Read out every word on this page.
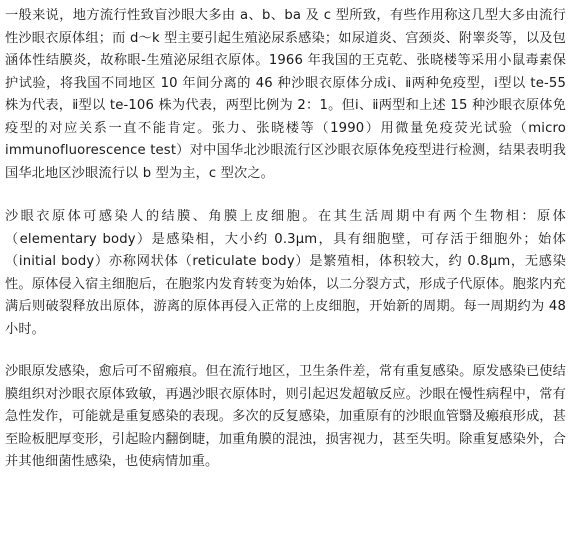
一般来说，地方流行性致盲沙眼大多由 a、b、ba 及 c 型所致，有些作用称这几型大多由流行性沙眼衣原体组；而 d～k 型主要引起生殖泌尿系感染；如尿道炎、宫颈炎、附睾炎等，以及包涵体性结膜炎，故称眼-生殖泌尿组衣原体。1966 年我国的王克乾、张晓楼等采用小鼠毒素保护试验，将我国不同地区 10 年间分离的 46 种沙眼衣原体分成ⅰ、ⅱ两种免疫型，ⅰ型以 te-55 株为代表，ⅱ型以 te-106 株为代表，两型比例为 2：1。但ⅰ、ⅱ两型和上述 15 种沙眼衣原体免疫型的对应关系一直不能肯定。张力、张晓楼等（1990）用微量免疫荧光试验（micro immunofluorescence test）对中国华北沙眼流行区沙眼衣原体免疫型进行检测，结果表明我国华北地区沙眼流行以 b 型为主，c 型次之。

沙眼衣原体可感染人的结膜、角膜上皮细胞。在其生活周期中有两个生物相：原体（elementary body）是感染相，大小约 0.3μm，具有细胞壁，可存活于细胞外；始体（initial body）亦称网状体（reticulate body）是繁殖相，体积较大，约 0.8μm，无感染性。原体侵入宿主细胞后，在胞浆内发育转变为始体，以二分裂方式，形成子代原体。胞浆内充满后则破裂释放出原体，游离的原体再侵入正常的上皮细胞，开始新的周期。每一周期约为 48 小时。

沙眼原发感染，愈后可不留瘢痕。但在流行地区，卫生条件差，常有重复感染。原发感染已使结膜组织对沙眼衣原体致敏，再遇沙眼衣原体时，则引起迟发超敏反应。沙眼在慢性病程中，常有急性发作，可能就是重复感染的表现。多次的反复感染，加重原有的沙眼血管翳及瘢痕形成，甚至睑板肥厚变形，引起睑内翻倒睫，加重角膜的混浊，损害视力，甚至失明。除重复感染外，合并其他细菌性感染，也使病情加重。
